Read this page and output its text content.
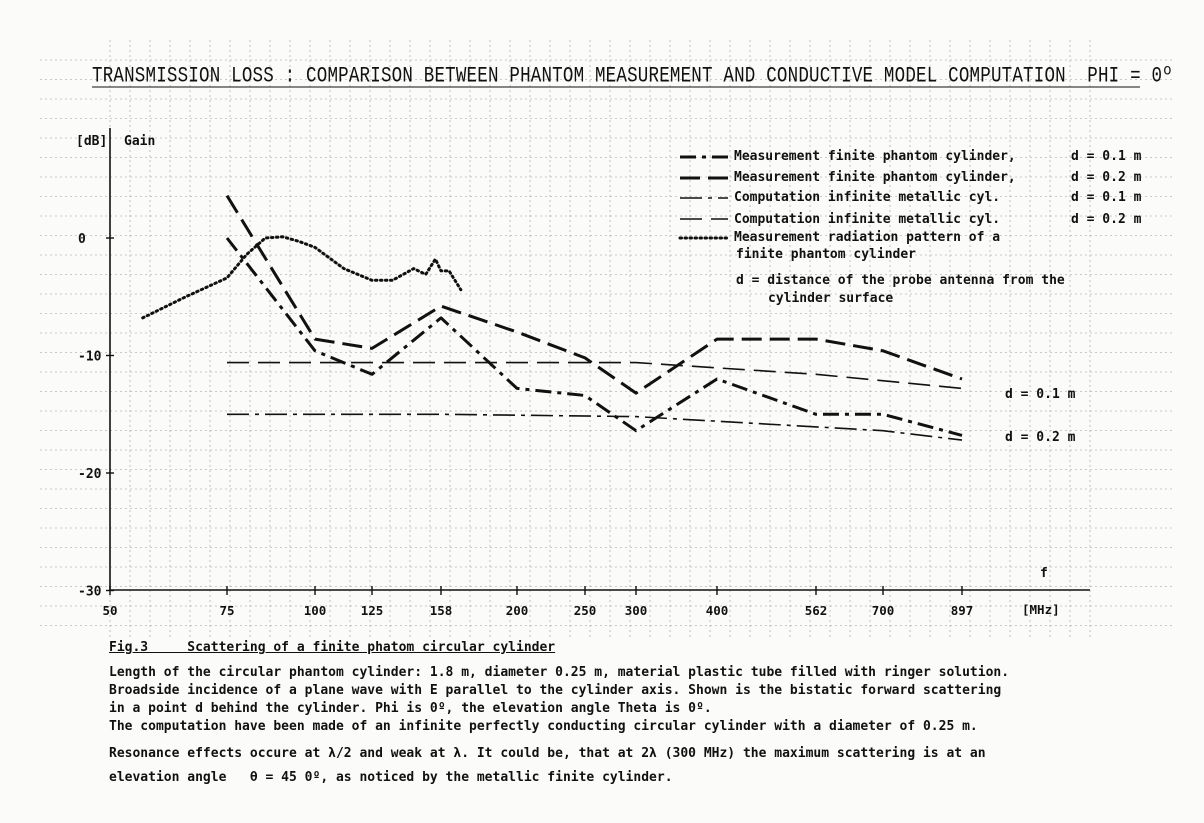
0
-10
-20
-30
50	75	100	125	158	200	250 300	400	562	700	897
TRANSMISSION LOSS : COMPARISON BETWEEN PHANTOM MEASUREMENT AND CONDUCTIVE MODEL COMPUTATION  PHI = 0º
[dB] Gain
Measurement finite phantom cylinder,	d = 0.1 m
Measurement finite phantom cylinder,	d = 0.2 m
Computation infinite metallic cyl.	d = 0.1 m
Computation infinite metallic cyl.	d = 0.2 m
Measurement radiation pattern of a
finite phantom cylinder
d = distance of the probe antenna from the
cylinder surface
d = 0.1 m
d = 0.2 m
f
[MHz]
Fig.3     Scattering of a finite phatom circular cylinder
Length of the circular phantom cylinder: 1.8 m, diameter 0.25 m, material plastic tube filled with ringer solution.
Broadside incidence of a plane wave with E parallel to the cylinder axis. Shown is the bistatic forward scattering
in a point d behind the cylinder. Phi is 0º, the elevation angle Theta is 0º.
The computation have been made of an infinite perfectly conducting circular cylinder with a diameter of 0.25 m.
Resonance effects occure at λ/2 and weak at λ. It could be, that at 2λ (300 MHz) the maximum scattering is at an
elevation angle   θ = 45 0º, as noticed by the metallic finite cylinder.
